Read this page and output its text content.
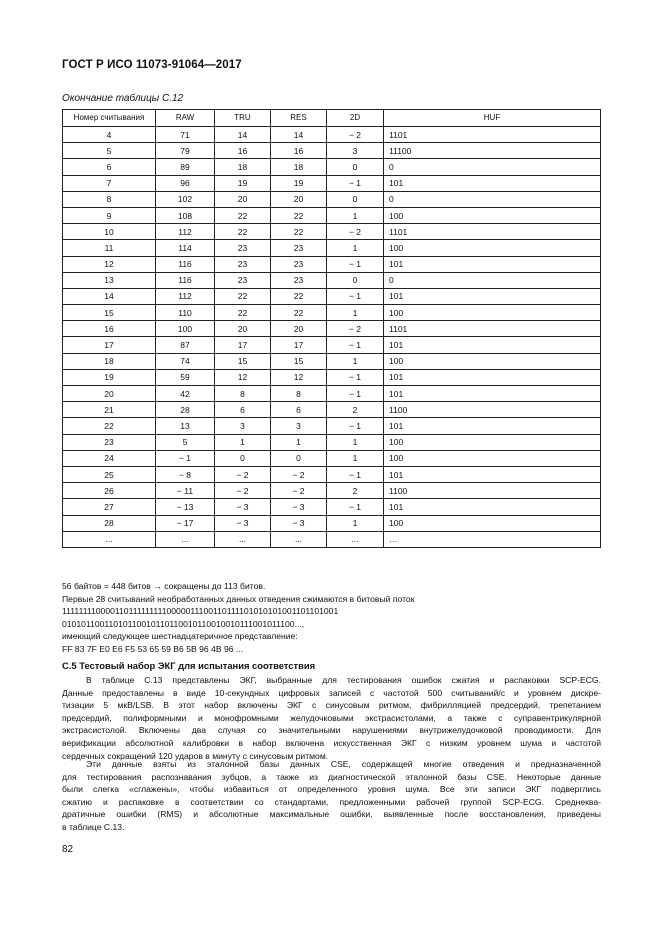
ГОСТ Р ИСО 11073-91064—2017
Окончание таблицы С.12
Номер считывания	RAW	TRU	RES	2D	HUF
4	71	14	14	− 2	1101
5	79	16	16	3	11100
6	89	18	18	0	0
7	96	19	19	− 1	101
8	102	20	20	0	0
9	108	22	22	1	100
10	112	22	22	− 2	1101
11	114	23	23	1	100
12	116	23	23	− 1	101
13	116	23	23	0	0
14	112	22	22	− 1	101
15	110	22	22	1	100
16	100	20	20	− 2	1101
17	87	17	17	− 1	101
18	74	15	15	1	100
19	59	12	12	− 1	101
20	42	8	8	− 1	101
21	28	6	6	2	1100
22	13	3	3	− 1	101
23	5	1	1	1	100
24	− 1	0	0	1	100
25	− 8	− 2	− 2	− 1	101
26	− 11	− 2	− 2	2	1100
27	− 13	− 3	− 3	− 1	101
28	− 17	− 3	− 3	1	100
...	...	...	...	…	…
56 байтов = 448 битов → сокращены до 113 битов.
Первые 28 считываний необработанных данных отведения сжимаются в битовый поток
1111111100001101111111110000011100110111101010101001101101001
01010110011010110010110110010110010010111001011100...,
имеющий следующее шестнадцатеричное представление:
FF 83 7F E0 E6 F5 53 65 59 B6 5B 96 4B 96 ...
С.5 Тестовый набор ЭКГ для испытания соответствия
В таблице С.13 представлены ЭКГ, выбранные для тестирования ошибок сжатия и распаковки SCP-ECG.
Данные предоставлены в виде 10-секундных цифровых записей с частотой 500 считываний/с и уровнем дискре-
тизации 5 мкВ/LSB. В этот набор включены ЭКГ с синусовым ритмом, фибрилляцией предсердий, трепетанием
предсердий, полиформными и монофромными желудочковыми экстрасистолами, а также с суправентрикулярной
экстрасистолой. Включены два случая со значительными нарушениями внутрижелудочковой проводимости. Для
верификации абсолютной калибровки в набор включена искусственная ЭКГ с низким уровнем шума и частотой
сердечных сокращений 120 ударов в минуту с синусовым ритмом.
Эти данные взяты из эталонной базы данных CSE, содержащей многие отведения и предназначенной
для тестирования распознавания зубцов, а также из диагностической эталонной базы CSE. Некоторые данные
были слегка «сглажены», чтобы избавиться от определенного уровня шума. Все эти записи ЭКГ подверглись
сжатию и распаковке в соответствии со стандартами, предложенными рабочей группой SCP-ECG. Среднеква-
дратичные ошибки (RMS) и абсолютные максимальные ошибки, выявленные после восстановления, приведены
в таблице С.13.
82
